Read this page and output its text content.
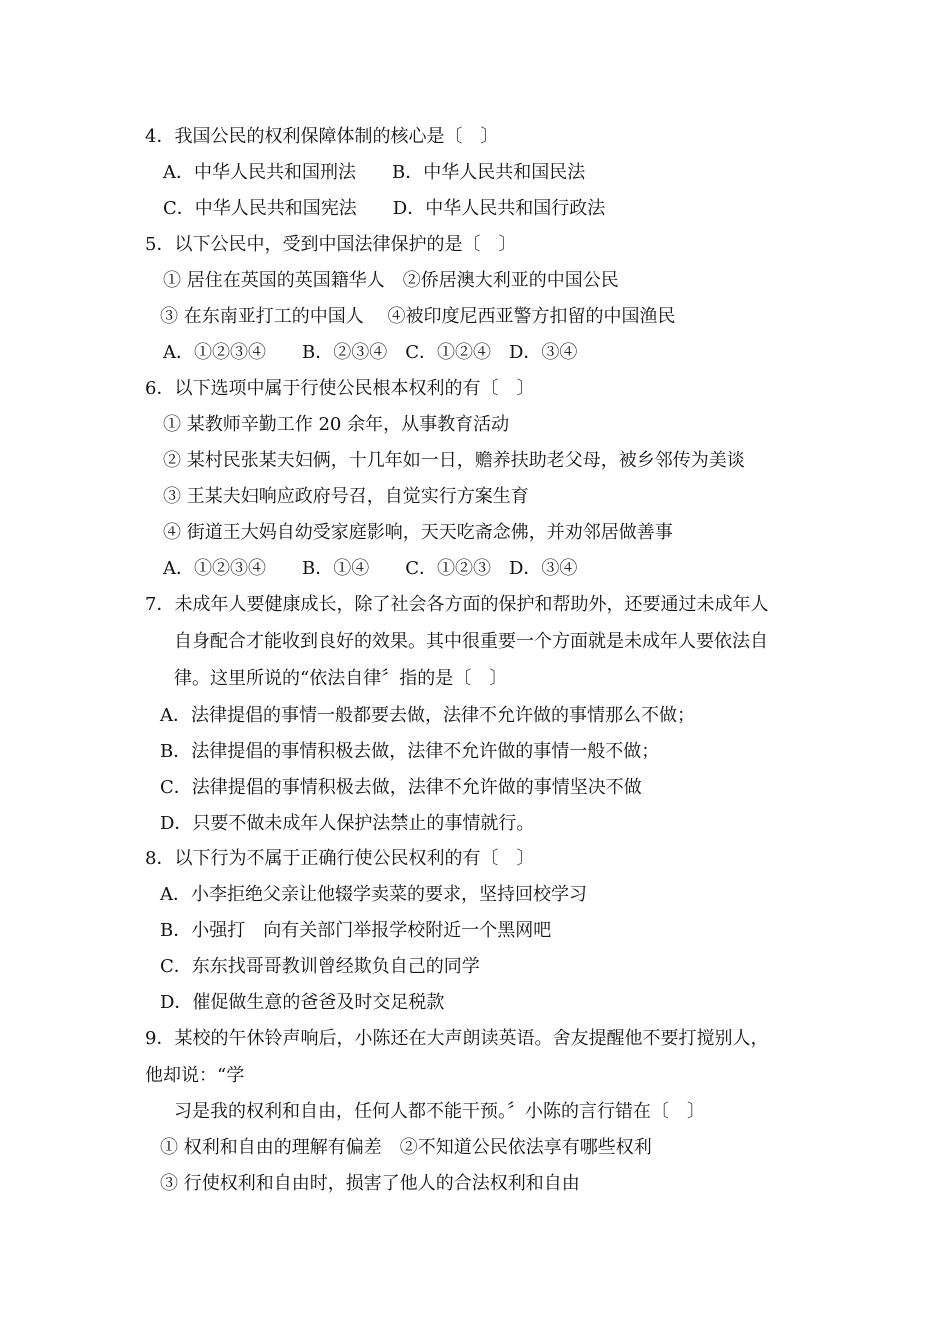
4．我国公民的权利保障体制的核心是〔　〕
A．中华人民共和国刑法　　B．中华人民共和国民法
C．中华人民共和国宪法　　D．中华人民共和国行政法
5．以下公民中，受到中国法律保护的是〔　〕
① 居住在英国的英国籍华人　②侨居澳大利亚的中国公民
③ 在东南亚打工的中国人　 ④被印度尼西亚警方扣留的中国渔民
A．①②③④　　B．②③④　C．①②④　D．③④
6．以下选项中属于行使公民根本权利的有〔　〕
① 某教师辛勤工作 20 余年，从事教育活动
② 某村民张某夫妇俩，十几年如一日，赡养扶助老父母，被乡邻传为美谈
③ 王某夫妇响应政府号召，自觉实行方案生育
④ 街道王大妈自幼受家庭影响，天天吃斋念佛，并劝邻居做善事
A．①②③④　　B．①④　　C．①②③　D．③④
7．未成年人要健康成长，除了社会各方面的保护和帮助外，还要通过未成年人
自身配合才能收到良好的效果。其中很重要一个方面就是未成年人要依法自
律。这里所说的“依法自律〞指的是〔　〕
A．法律提倡的事情一般都要去做，法律不允许做的事情那么不做；
B．法律提倡的事情积极去做，法律不允许做的事情一般不做；
C．法律提倡的事情积极去做，法律不允许做的事情坚决不做
D．只要不做未成年人保护法禁止的事情就行。
8．以下行为不属于正确行使公民权利的有〔　〕
A．小李拒绝父亲让他辍学卖菜的要求，坚持回校学习
B．小强打　向有关部门举报学校附近一个黑网吧
C．东东找哥哥教训曾经欺负自己的同学
D．催促做生意的爸爸及时交足税款
9．某校的午休铃声响后，小陈还在大声朗读英语。舍友提醒他不要打搅别人，
他却说：“学
习是我的权利和自由，任何人都不能干预。〞小陈的言行错在〔　〕
① 权利和自由的理解有偏差　②不知道公民依法享有哪些权利
③ 行使权利和自由时，损害了他人的合法权利和自由
